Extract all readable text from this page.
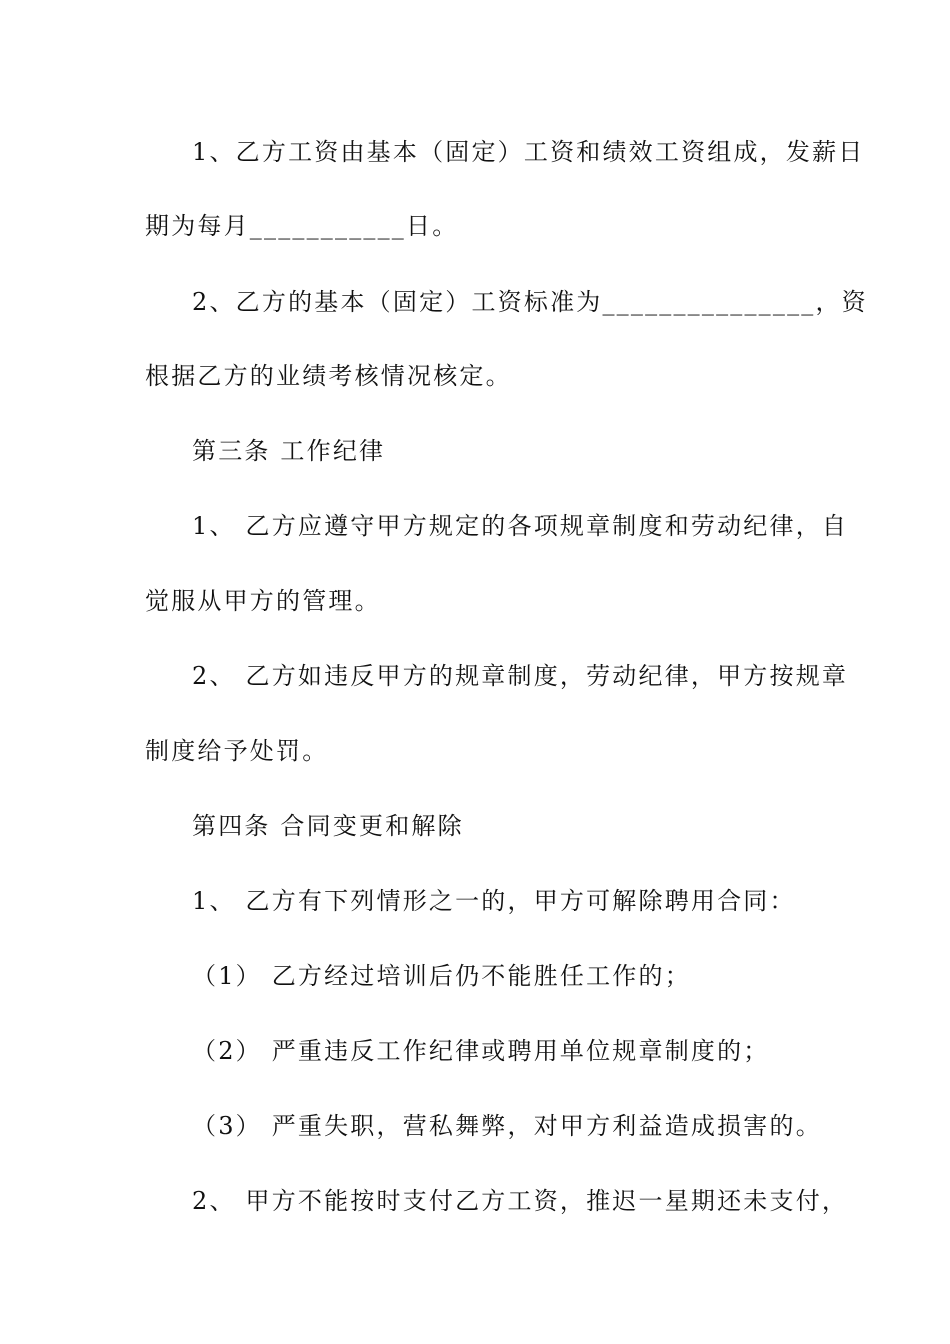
1、乙方工资由基本（固定）工资和绩效工资组成，发薪日
期为每月___________日。
2、乙方的基本（固定）工资标准为_______________，资
根据乙方的业绩考核情况核定。
第三条 工作纪律
1、 乙方应遵守甲方规定的各项规章制度和劳动纪律，自
觉服从甲方的管理。
2、 乙方如违反甲方的规章制度，劳动纪律，甲方按规章
制度给予处罚。
第四条 合同变更和解除
1、 乙方有下列情形之一的，甲方可解除聘用合同：
（1） 乙方经过培训后仍不能胜任工作的；
（2） 严重违反工作纪律或聘用单位规章制度的；
（3） 严重失职，营私舞弊，对甲方利益造成损害的。
2、 甲方不能按时支付乙方工资，推迟一星期还未支付，
